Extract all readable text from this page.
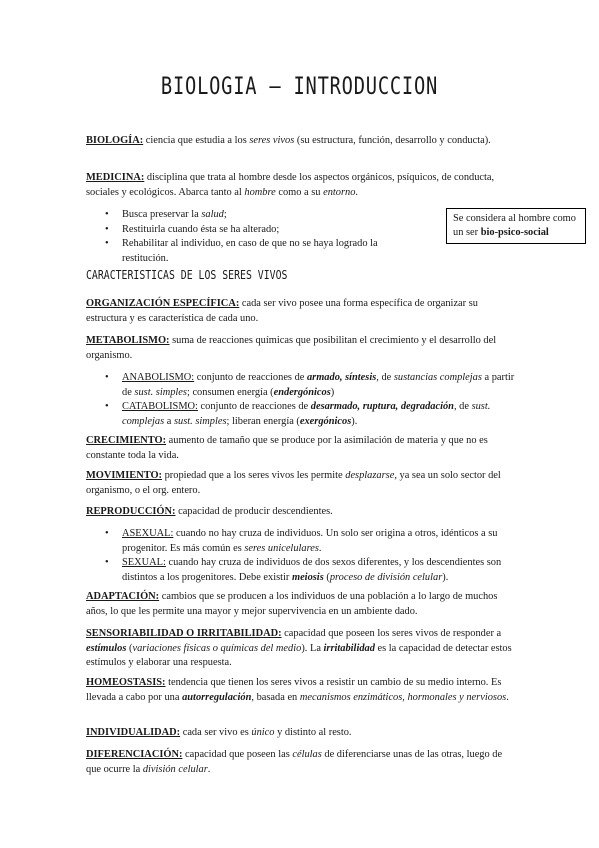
BIOLOGIA – INTRODUCCION
BIOLOGÍA: ciencia que estudia a los seres vivos (su estructura, función, desarrollo y conducta).
MEDICINA: disciplina que trata al hombre desde los aspectos orgánicos, psíquicos, de conducta, sociales y ecológicos. Abarca tanto al hombre como a su entorno.
• Busca preservar la salud;
• Restituirla cuando ésta se ha alterado;
• Rehabilitar al individuo, en caso de que no se haya logrado la restitución.
Se considera al hombre como un ser bio-psico-social
CARACTERISTICAS DE LOS SERES VIVOS
ORGANIZACIÓN ESPECÍFICA: cada ser vivo posee una forma específica de organizar su estructura y es característica de cada uno.
METABOLISMO: suma de reacciones químicas que posibilitan el crecimiento y el desarrollo del organismo.
• ANABOLISMO: conjunto de reacciones de armado, síntesis, de sustancias complejas a partir de sust. simples; consumen energía (endergónicos)
• CATABOLISMO: conjunto de reacciones de desarmado, ruptura, degradación, de sust. complejas a sust. simples; liberan energía (exergónicos).
CRECIMIENTO: aumento de tamaño que se produce por la asimilación de materia y que no es constante toda la vida.
MOVIMIENTO: propiedad que a los seres vivos les permite desplazarse, ya sea un solo sector del organismo, o el org. entero.
REPRODUCCIÓN: capacidad de producir descendientes.
• ASEXUAL: cuando no hay cruza de individuos. Un solo ser origina a otros, idénticos a su progenitor. Es más común es seres unicelulares.
• SEXUAL: cuando hay cruza de individuos de dos sexos diferentes, y los descendientes son distintos a los progenitores. Debe existir meiosis (proceso de división celular).
ADAPTACIÓN: cambios que se producen a los individuos de una población a lo largo de muchos años, lo que les permite una mayor y mejor supervivencia en un ambiente dado.
SENSORIABILIDAD O IRRITABILIDAD: capacidad que poseen los seres vivos de responder a estímulos (variaciones físicas o químicas del medio). La irritabilidad es la capacidad de detectar estos estímulos y elaborar una respuesta.
HOMEOSTASIS: tendencia que tienen los seres vivos a resistir un cambio de su medio interno. Es llevada a cabo por una autorregulación, basada en mecanismos enzimáticos, hormonales y nerviosos.
INDIVIDUALIDAD: cada ser vivo es único y distinto al resto.
DIFERENCIACIÓN: capacidad que poseen las células de diferenciarse unas de las otras, luego de que ocurre la división celular.
